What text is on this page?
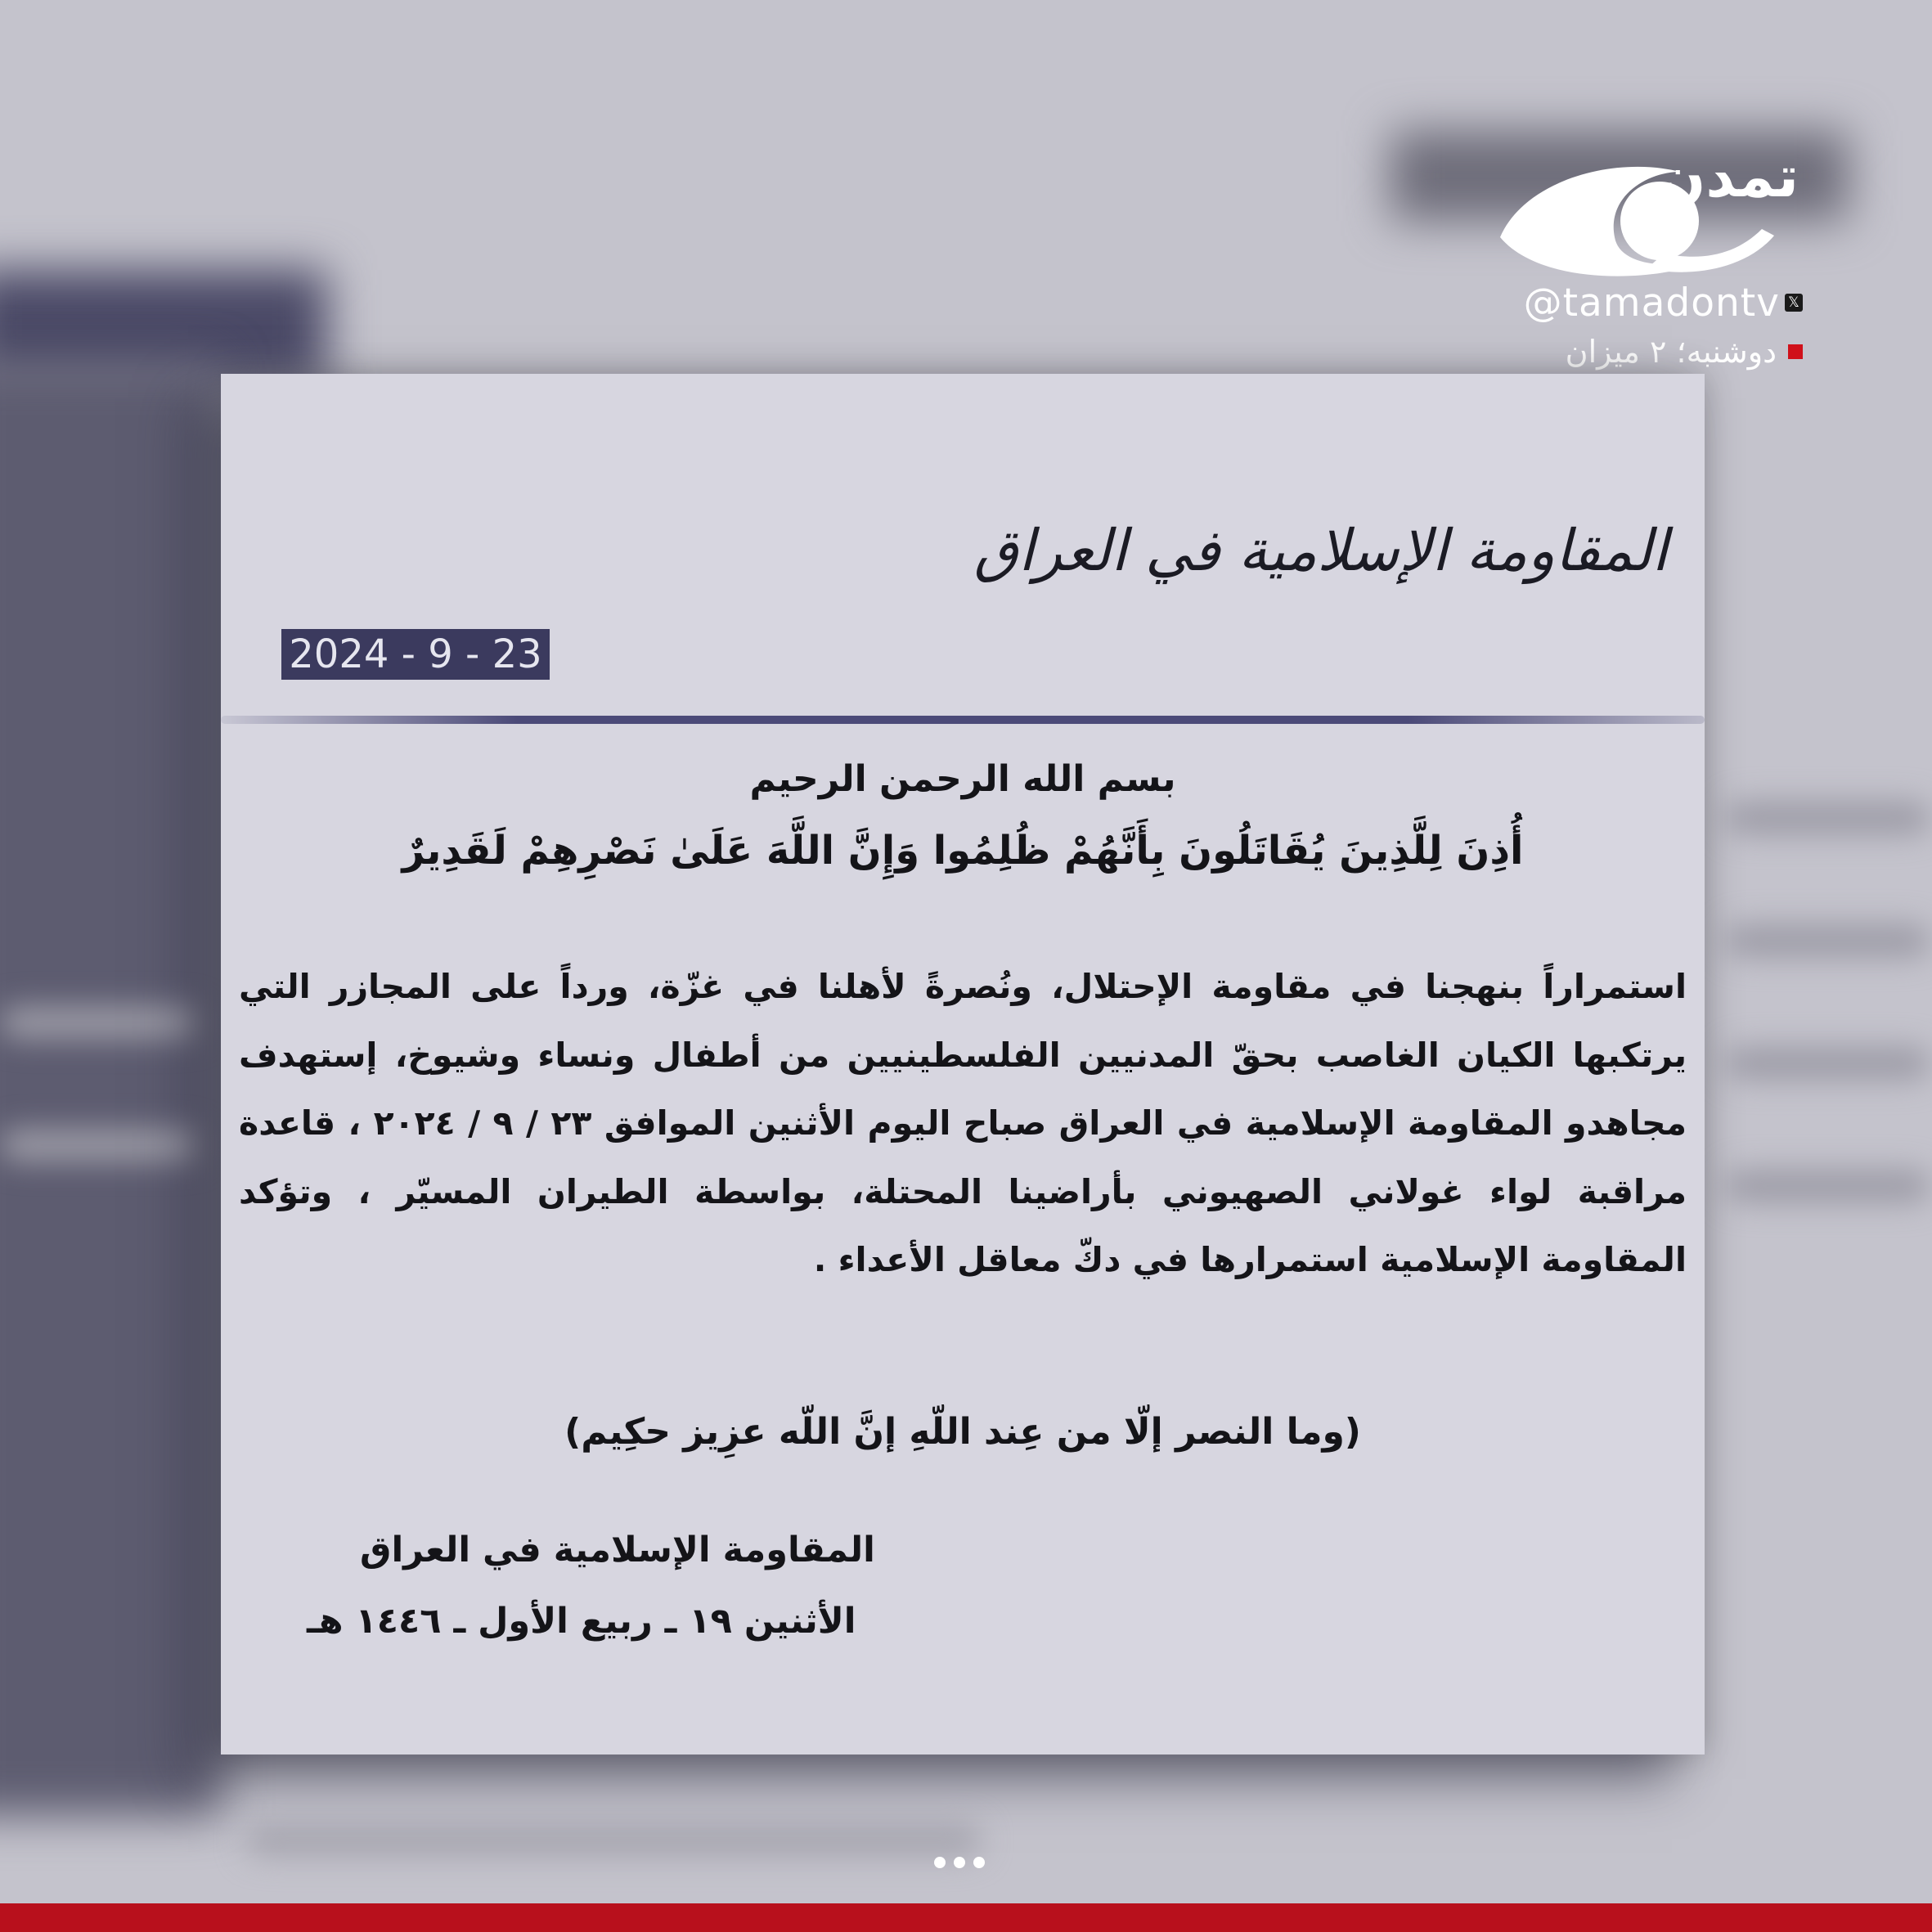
تمدن
@tamadontv 𝕏
دوشنبه؛ ۲ میزان
المقاومة الإسلامية في العراق
2024 - 9 - 23
بسم الله الرحمن الرحيم
أُذِنَ لِلَّذِينَ يُقَاتَلُونَ بِأَنَّهُمْ ظُلِمُوا وَإِنَّ اللَّهَ عَلَىٰ نَصْرِهِمْ لَقَدِيرٌ
استمراراً بنهجنا في مقاومة الإحتلال، ونُصرةً لأهلنا في غزّة، ورداً على المجازر التي يرتكبها الكيان الغاصب بحقّ المدنيين الفلسطينيين من أطفال ونساء وشيوخ، إستهدف مجاهدو المقاومة الإسلامية في العراق صباح اليوم الأثنين الموافق ٢٣ / ٩ / ٢٠٢٤ ، قاعدة مراقبة لواء غولاني الصهيوني بأراضينا المحتلة، بواسطة الطيران المسيّر ، وتؤكد المقاومة الإسلامية استمرارها في دكّ معاقل الأعداء .
(وما النصر إلّا من عِند اللّهِ إنَّ اللّه عزِيز حكِيم)
المقاومة الإسلامية في العراق
الأثنين ١٩ ـ ربيع الأول ـ ١٤٤٦ هـ
